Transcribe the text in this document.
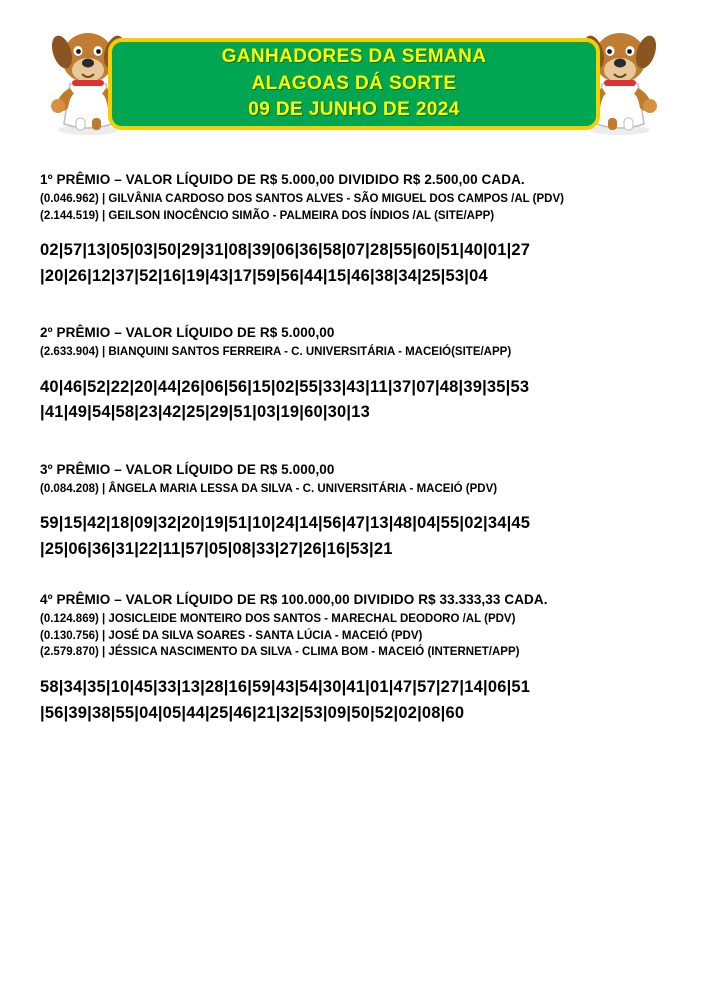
GANHADORES DA SEMANA
ALAGOAS DÁ SORTE
09 DE JUNHO DE 2024
1º PRÊMIO – VALOR LÍQUIDO DE R$ 5.000,00 DIVIDIDO R$ 2.500,00 CADA.
(0.046.962) | GILVÂNIA CARDOSO DOS SANTOS ALVES - SÃO MIGUEL DOS CAMPOS /AL (PDV)
(2.144.519) | GEILSON INOCÊNCIO SIMÃO - PALMEIRA DOS ÍNDIOS /AL (SITE/APP)
02|57|13|05|03|50|29|31|08|39|06|36|58|07|28|55|60|51|40|01|27
|20|26|12|37|52|16|19|43|17|59|56|44|15|46|38|34|25|53|04
2º PRÊMIO – VALOR LÍQUIDO DE R$ 5.000,00
(2.633.904) | BIANQUINI SANTOS FERREIRA - C. UNIVERSITÁRIA - MACEIÓ(SITE/APP)
40|46|52|22|20|44|26|06|56|15|02|55|33|43|11|37|07|48|39|35|53
|41|49|54|58|23|42|25|29|51|03|19|60|30|13
3º PRÊMIO – VALOR LÍQUIDO DE R$ 5.000,00
(0.084.208) | ÂNGELA MARIA LESSA DA SILVA - C. UNIVERSITÁRIA - MACEIÓ (PDV)
59|15|42|18|09|32|20|19|51|10|24|14|56|47|13|48|04|55|02|34|45
|25|06|36|31|22|11|57|05|08|33|27|26|16|53|21
4º PRÊMIO – VALOR LÍQUIDO DE R$ 100.000,00 DIVIDIDO R$ 33.333,33 CADA.
(0.124.869) | JOSICLEIDE MONTEIRO DOS SANTOS - MARECHAL DEODORO /AL (PDV)
(0.130.756) | JOSÉ DA SILVA SOARES - SANTA LÚCIA - MACEIÓ (PDV)
(2.579.870) | JÉSSICA NASCIMENTO DA SILVA - CLIMA BOM - MACEIÓ (INTERNET/APP)
58|34|35|10|45|33|13|28|16|59|43|54|30|41|01|47|57|27|14|06|51
|56|39|38|55|04|05|44|25|46|21|32|53|09|50|52|02|08|60
